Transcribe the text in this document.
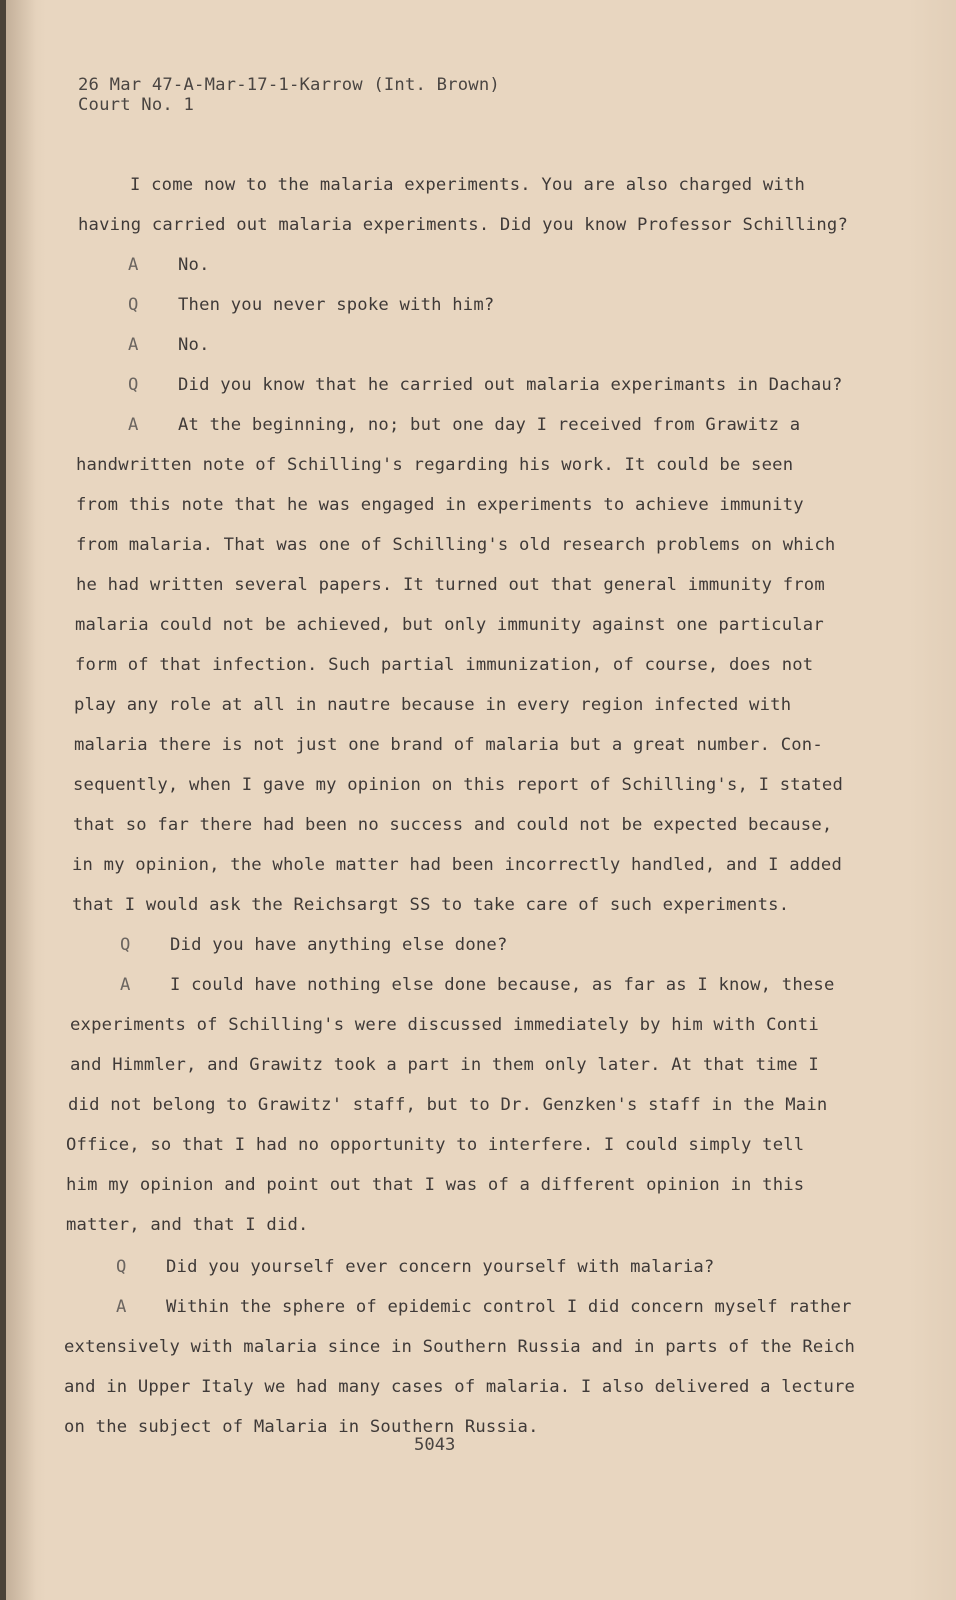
26 Mar 47-A-Mar-17-1-Karrow (Int. Brown)
Court No. 1
I come now to the malaria experiments. You are also charged with
having carried out malaria experiments. Did you know Professor Schilling?
A No.
Q Then you never spoke with him?
A No.
Q Did you know that he carried out malaria experimants in Dachau?
A At the beginning, no; but one day I received from Grawitz a
handwritten note of Schilling's regarding his work. It could be seen
from this note that he was engaged in experiments to achieve immunity
from malaria. That was one of Schilling's old research problems on which
he had written several papers. It turned out that general immunity from
malaria could not be achieved, but only immunity against one particular
form of that infection. Such partial immunization, of course, does not
play any role at all in nautre because in every region infected with
malaria there is not just one brand of malaria but a great number. Con-
sequently, when I gave my opinion on this report of Schilling's, I stated
that so far there had been no success and could not be expected because,
in my opinion, the whole matter had been incorrectly handled, and I added
that I would ask the Reichsargt SS to take care of such experiments.
Q Did you have anything else done?
A I could have nothing else done because, as far as I know, these
experiments of Schilling's were discussed immediately by him with Conti
and Himmler, and Grawitz took a part in them only later. At that time I
did not belong to Grawitz' staff, but to Dr. Genzken's staff in the Main
Office, so that I had no opportunity to interfere. I could simply tell
him my opinion and point out that I was of a different opinion in this
matter, and that I did.
Q Did you yourself ever concern yourself with malaria?
A Within the sphere of epidemic control I did concern myself rather
extensively with malaria since in Southern Russia and in parts of the Reich
and in Upper Italy we had many cases of malaria. I also delivered a lecture
on the subject of Malaria in Southern Russia.
5043
